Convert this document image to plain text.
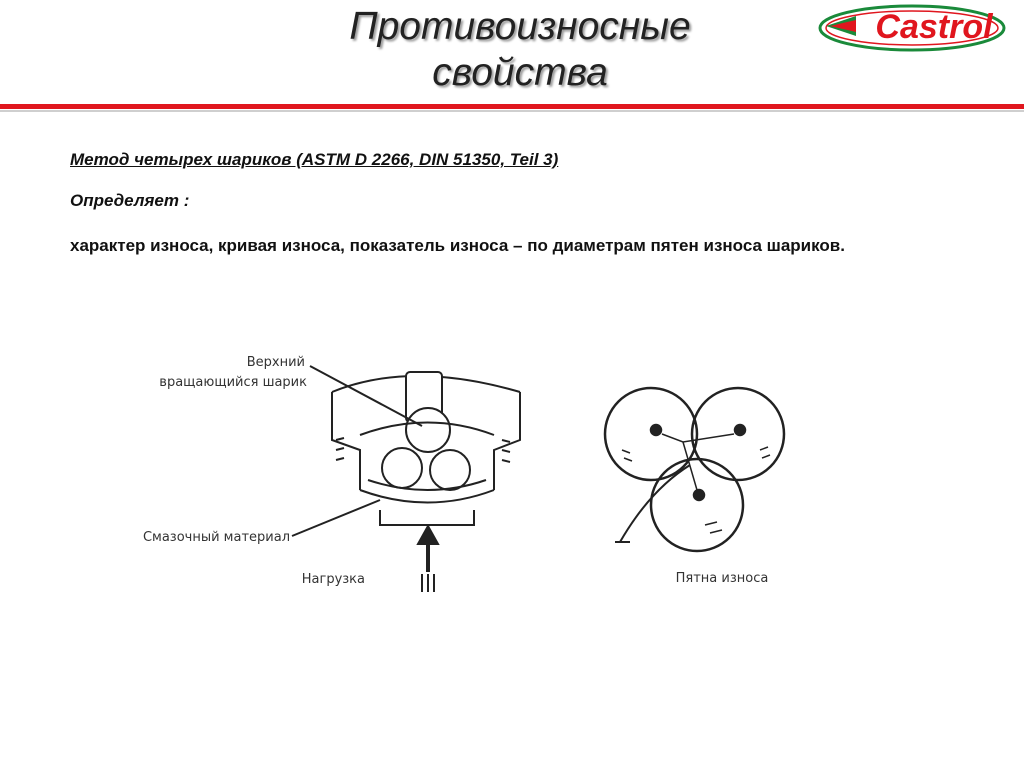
Противоизносные
свойства
Castrol
Метод четырех шариков (ASTM D 2266, DIN 51350, Teil 3)
Определяет :
характер износа, кривая износа, показатель износа – по диаметрам пятен износа шариков.
Верхний
вращающийся шарик
Смазочный материал
Нагрузка	Пятна износа
